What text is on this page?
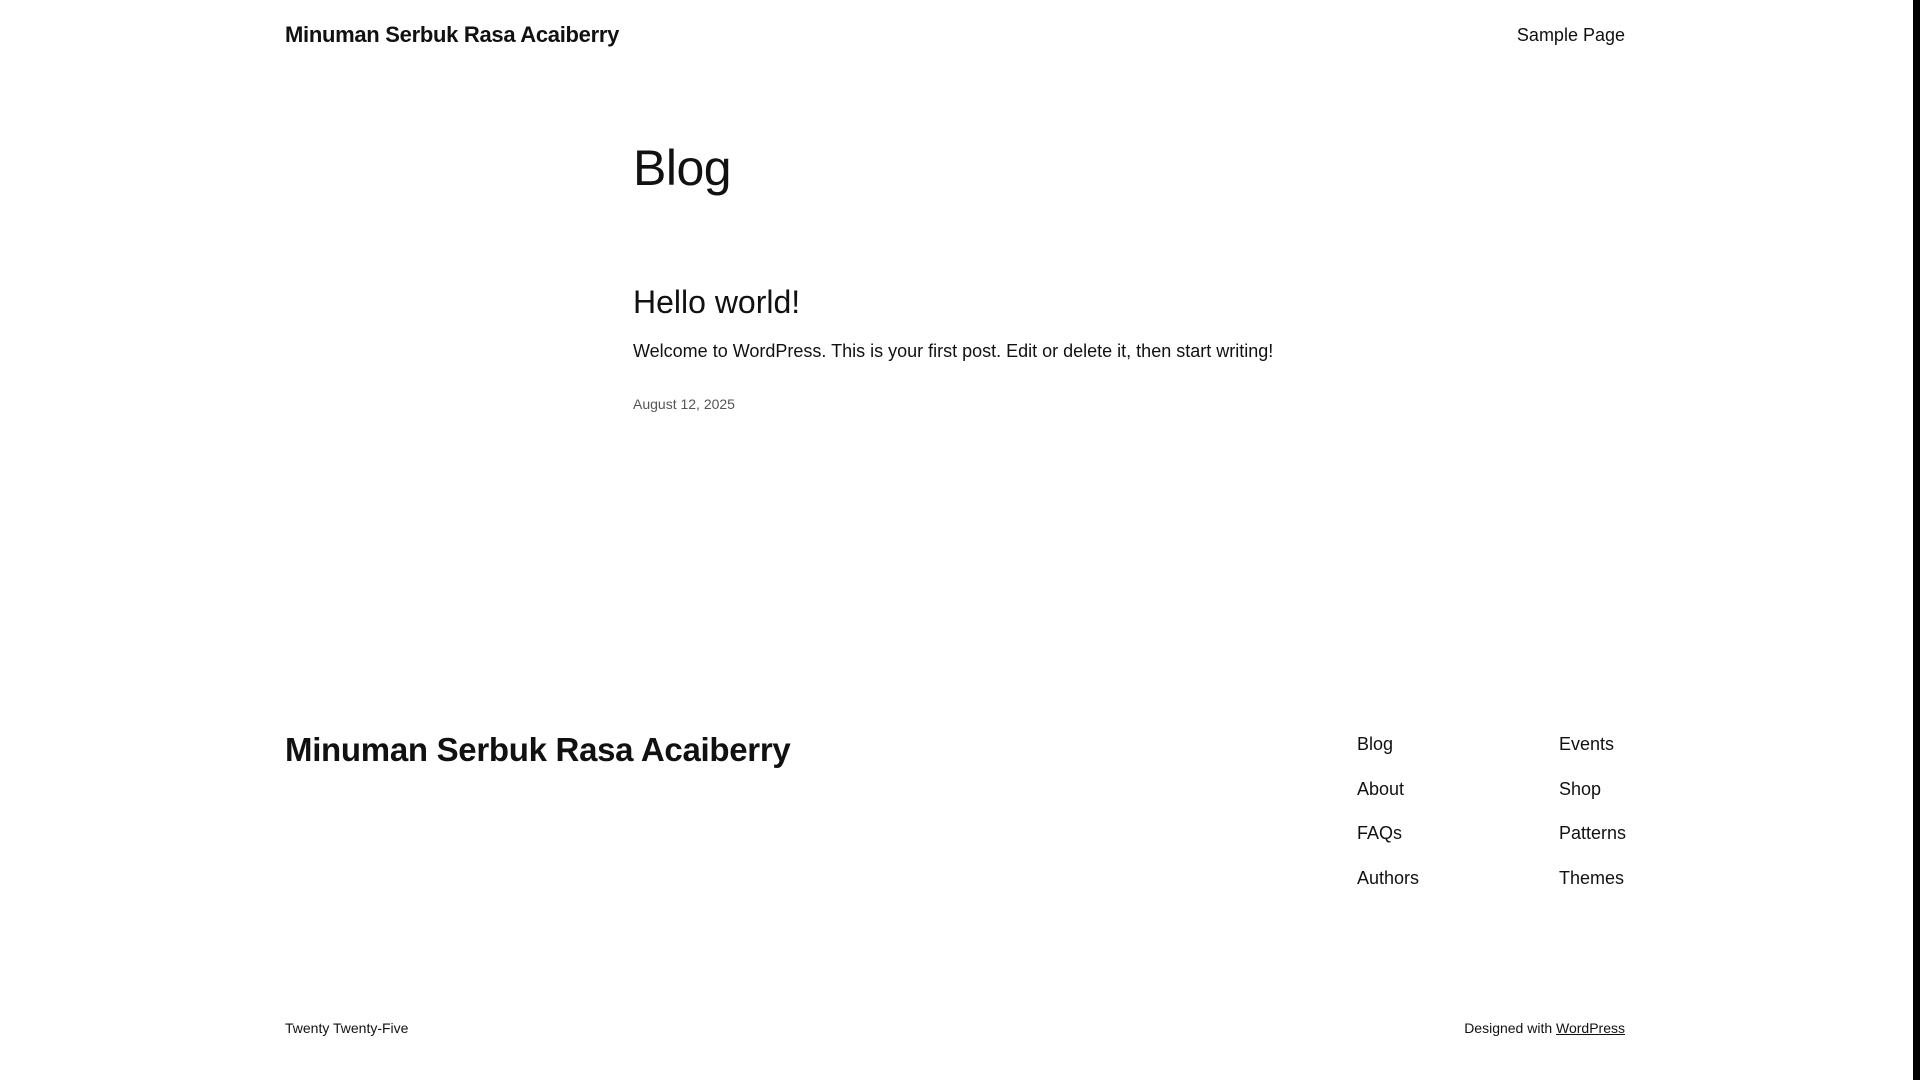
Minuman Serbuk Rasa Acaiberry	Sample Page
Blog
Hello world!

Welcome to WordPress. This is your first post. Edit or delete it, then start writing!

August 12, 2025
Minuman Serbuk Rasa Acaiberry	Blog
About
FAQs
Authors
Events
Shop
Patterns
Themes
Twenty Twenty-Five	Designed with WordPress
